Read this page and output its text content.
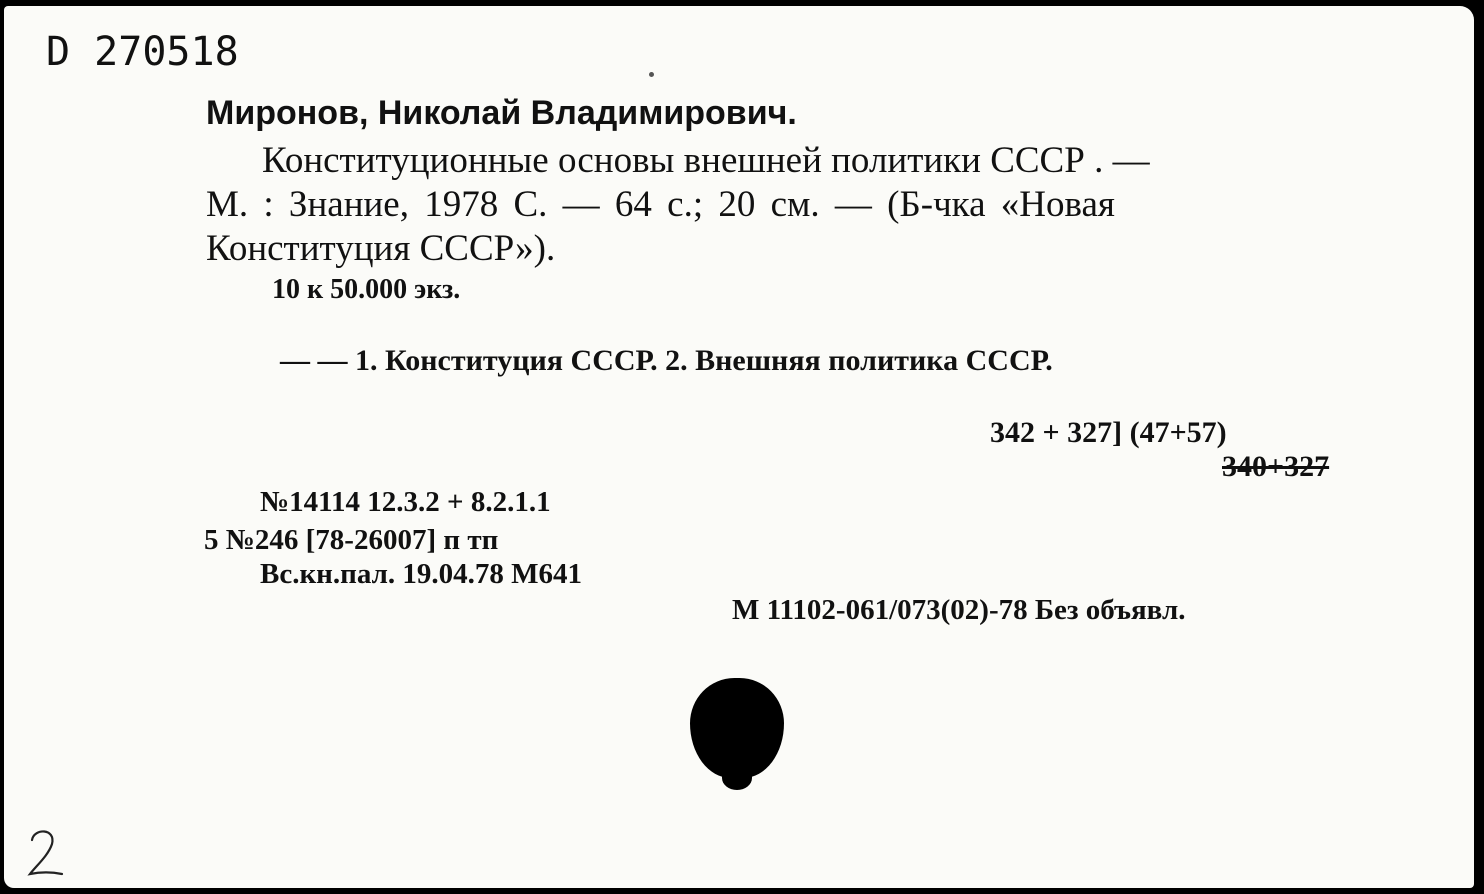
D 270518
Миронов, Николай Владимирович.
Конституционные основы внешней политики СССР . —
М. : Знание, 1978 С. — 64 с.; 20 см. — (Б-чка «Новая
Конституция СССР»).
10 к 50.000 экз.
— — 1. Конституция СССР. 2. Внешняя политика СССР.
342 + 327] (47+57)
340+327
№14114 12.3.2 + 8.2.1.1
5 №246 [78-26007] п тп
Вс.кн.пал. 19.04.78 М641
М 11102-061/073(02)-78 Без объявл.
